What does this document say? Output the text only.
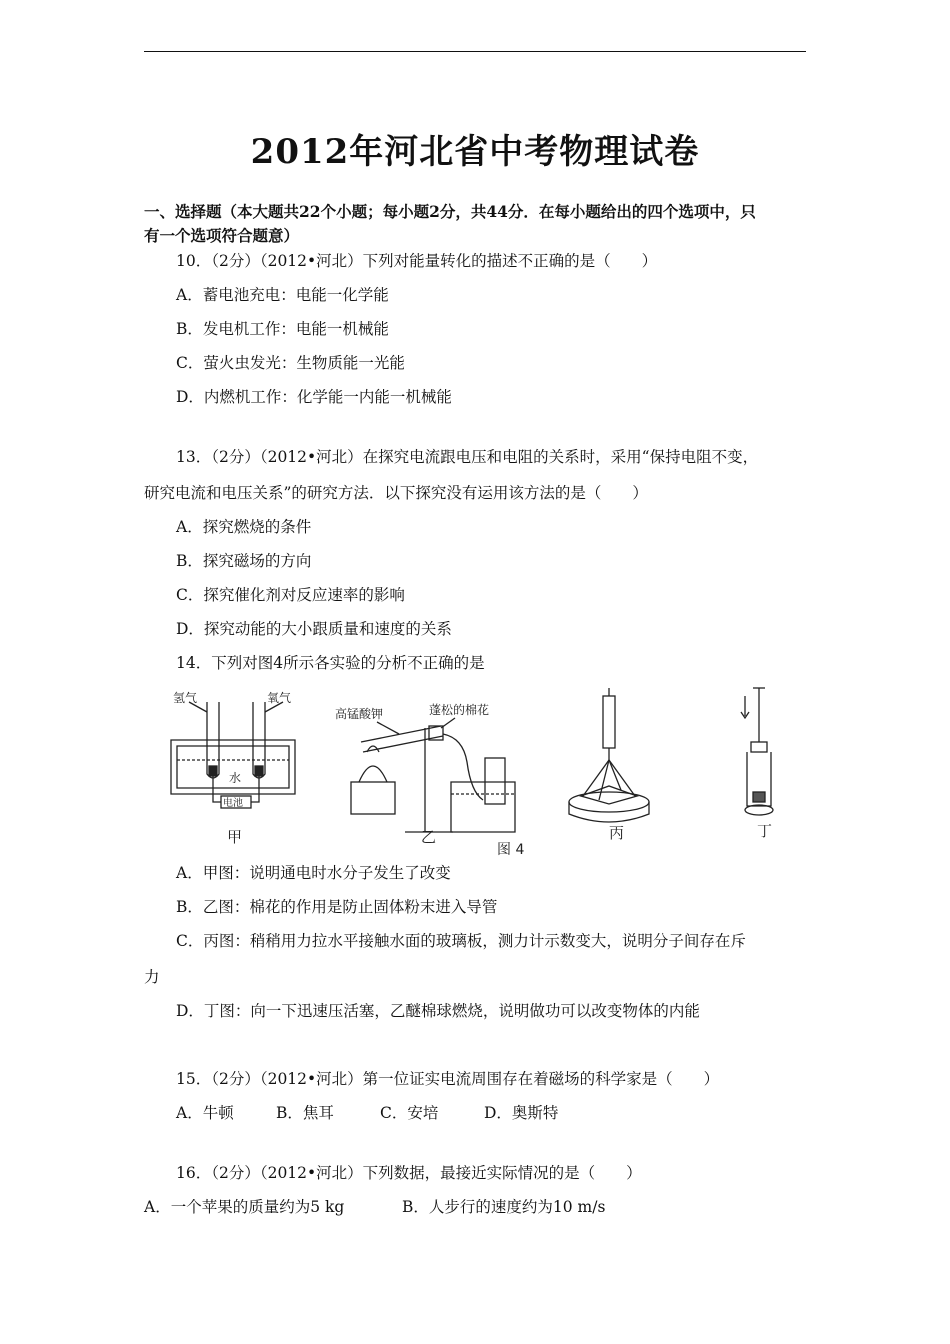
2012年河北省中考物理试卷
一、选择题（本大题共22个小题；每小题2分，共44分．在每小题给出的四个选项中，只
有一个选项符合题意）
10．（2分）（2012•河北）下列对能量转化的描述不正确的是（　　）
A．蓄电池充电：电能一化学能
B．发电机工作：电能一机械能
C．萤火虫发光：生物质能一光能
D．内燃机工作：化学能一内能一机械能
13．（2分）（2012•河北）在探究电流跟电压和电阻的关系时，采用“保持电阻不变，
研究电流和电压关系”的研究方法．以下探究没有运用该方法的是（　　）
A．探究燃烧的条件
B．探究磁场的方向
C．探究催化剂对反应速率的影响
D．探究动能的大小跟质量和速度的关系
14．下列对图4所示各实验的分析不正确的是
氢气	氧气
水
电池
高锰酸钾	蓬松的棉花
甲	乙	丙	丁
图 4
A．甲图：说明通电时水分子发生了改变
B．乙图：棉花的作用是防止固体粉末进入导管
C．丙图：稍稍用力拉水平接触水面的玻璃板，测力计示数变大，说明分子间存在斥
力
D．丁图：向一下迅速压活塞，乙醚棉球燃烧，说明做功可以改变物体的内能
15．（2分）（2012•河北）第一位证实电流周围存在着磁场的科学家是（　　）
A．牛顿	B．焦耳	C．安培	D．奥斯特
16．（2分）（2012•河北）下列数据，最接近实际情况的是（　　）
A．一个苹果的质量约为5 kg	B．人步行的速度约为10 m/s
